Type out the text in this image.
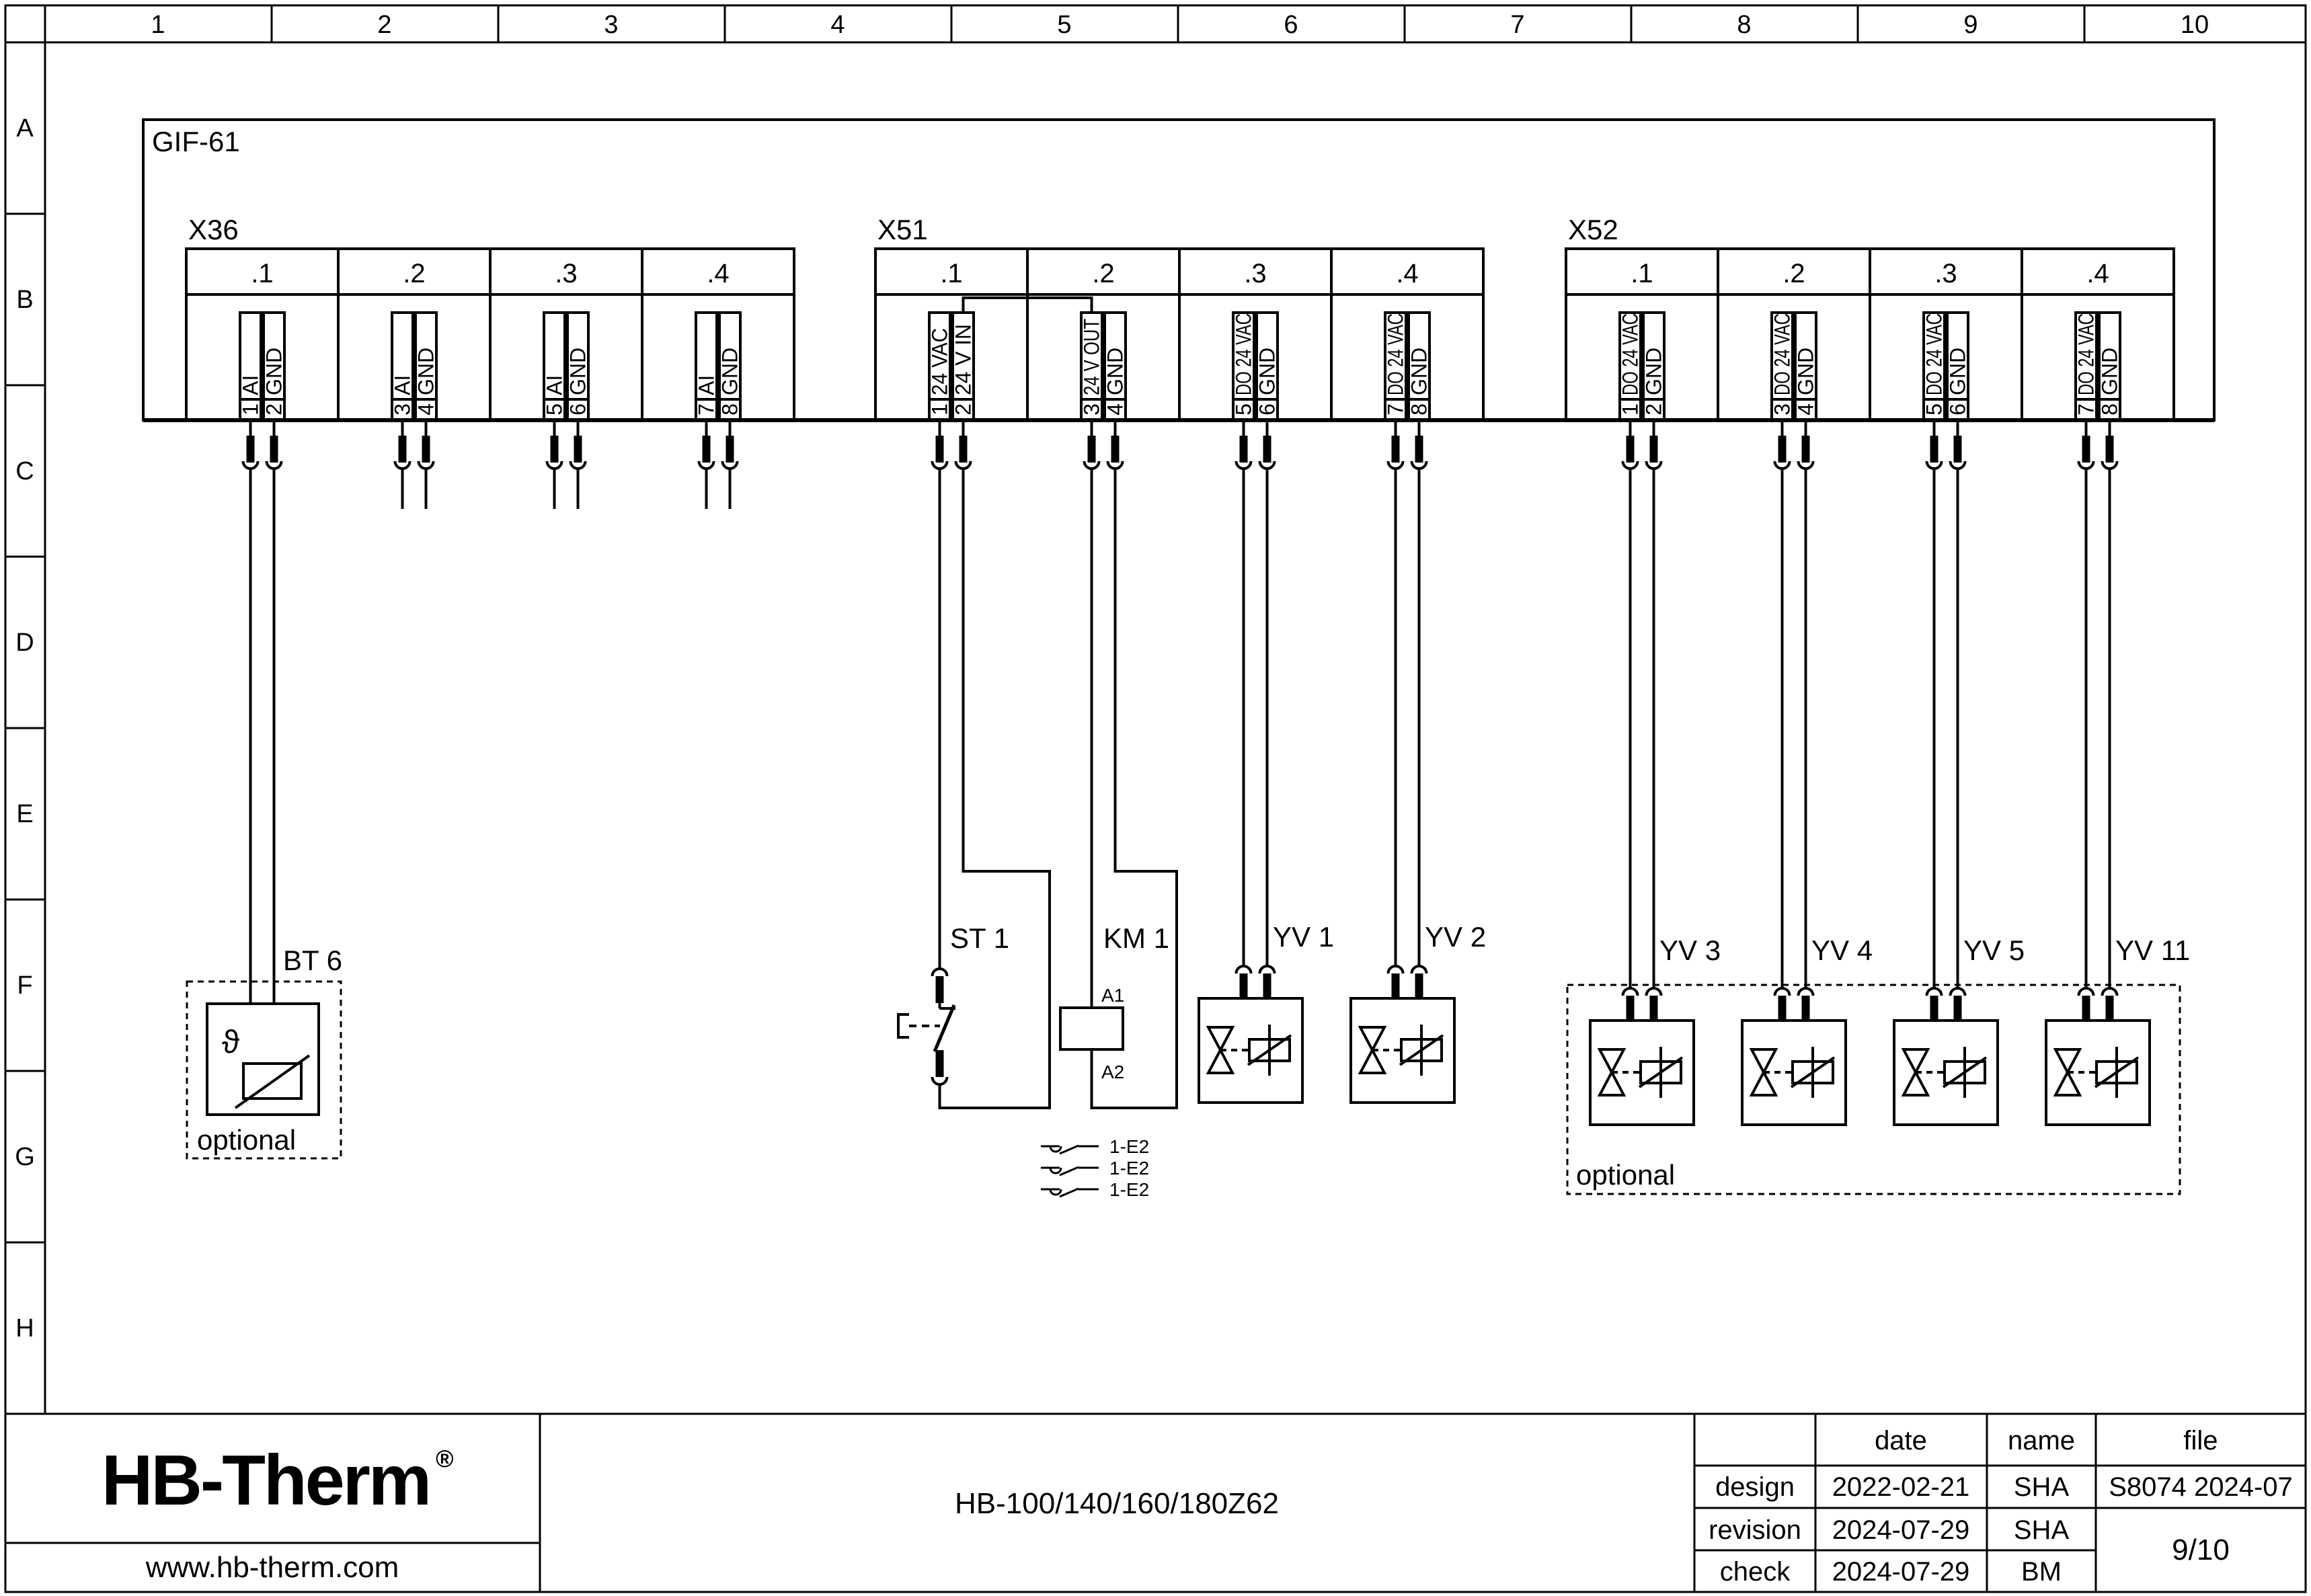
1	2	3	4	5	6	7	8	9	10
A
B
C
D
E
F
G
H
GIF-61
X36
.1	.2	.3	.4
AI GND
1 2
AI GND
3 4
AI GND
5 6
AI GND
7 8
X51
.1	.2	.3	.4
24 VAC 24 V IN
1 2
24 V OUT GND
3 4
DO 24 VAC GND
5 6
DO 24 VAC GND
7 8
X52
.1	.2	.3	.4
DO 24 VAC GND
1 2
DO 24 VAC GND
3 4
DO 24 VAC GND
5 6
DO 24 VAC GND
7 8
BT 6
ϑ
optional
ST 1	KM 1
A1
A2
1-E2
1-E2
1-E2
YV 1	YV 2
optional
YV 3	YV 4	YV 5	YV 11
HB-Therm ®
www.hb-therm.com
HB-100/140/160/180Z62
date	name	file
design 2022-02-21 SHA S8074 2024-07
revision 2024-07-29 SHA
check 2024-07-29 BM
9/10
